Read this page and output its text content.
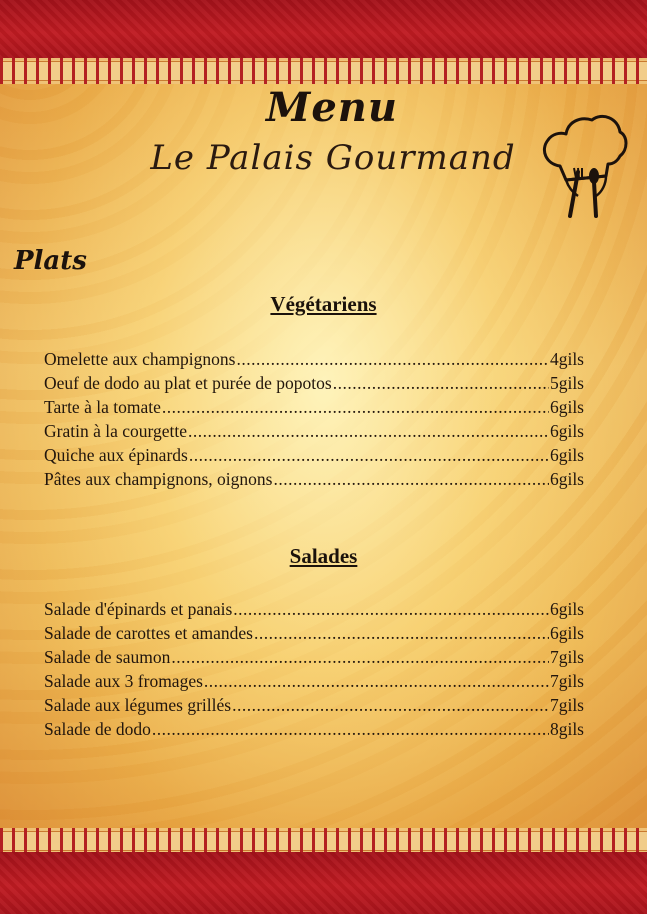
Menu
Le Palais Gourmand
Plats
Végétariens
Omelette aux champignons .....	4gils
Oeuf de dodo au plat et purée de popotos .....	5gils
Tarte à la tomate .....	6gils
Gratin à la courgette .....	6gils
Quiche aux épinards .....	6gils
Pâtes aux champignons, oignons .....	6gils
Salades
Salade d'épinards et panais .....	6gils
Salade de carottes et amandes .....	6gils
Salade de saumon .....	7gils
Salade aux 3 fromages .....	7gils
Salade aux légumes grillés .....	7gils
Salade de dodo .....	8gils
